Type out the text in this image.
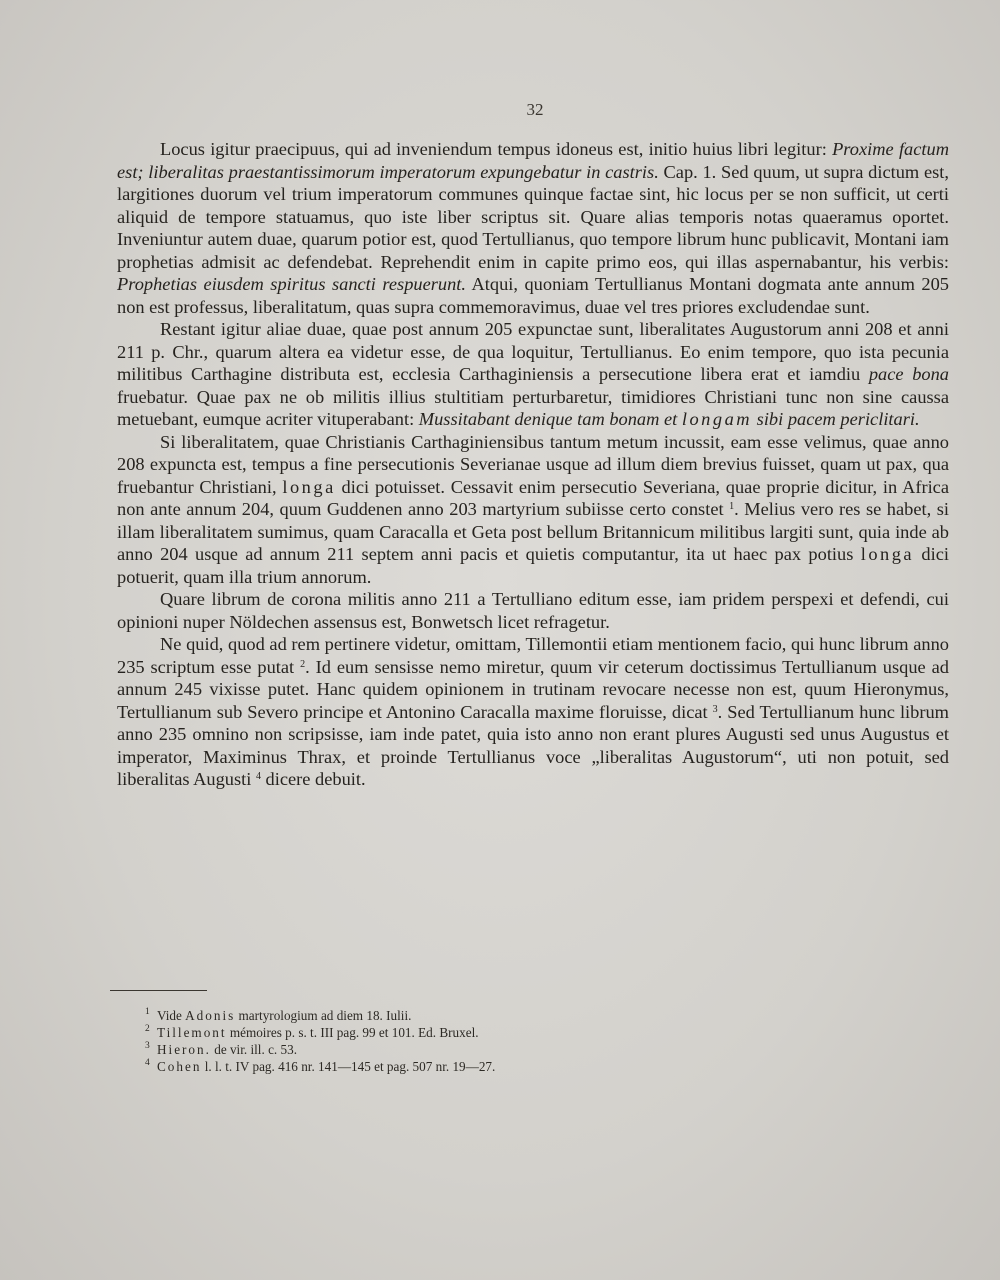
32

Locus igitur praecipuus, qui ad inveniendum tempus idoneus est, initio huius libri legitur: Proxime factum est; liberalitas praestantissimorum imperatorum expungebatur in castris. Cap. 1. Sed quum, ut supra dictum est, largitiones duorum vel trium imperatorum communes quinque factae sint, hic locus per se non sufficit, ut certi aliquid de tempore statuamus, quo iste liber scriptus sit. Quare alias temporis notas quaeramus oportet. Inveniuntur autem duae, quarum potior est, quod Tertullianus, quo tempore librum hunc publicavit, Montani iam prophetias admisit ac defendebat. Reprehendit enim in capite primo eos, qui illas aspernabantur, his verbis: Prophetias eiusdem spiritus sancti respuerunt. Atqui, quoniam Tertullianus Montani dogmata ante annum 205 non est professus, liberalitatum, quas supra commemoravimus, duae vel tres priores excludendae sunt.

Restant igitur aliae duae, quae post annum 205 expunctae sunt, liberalitates Augustorum anni 208 et anni 211 p. Chr., quarum altera ea videtur esse, de qua loquitur, Tertullianus. Eo enim tempore, quo ista pecunia militibus Carthagine distributa est, ecclesia Carthaginiensis a persecutione libera erat et iamdiu pace bona fruebatur. Quae pax ne ob militis illius stultitiam perturbaretur, timidiores Christiani tunc non sine caussa metuebant, eumque acriter vituperabant: Mussitabant denique tam bonam et longam sibi pacem periclitari.

Si liberalitatem, quae Christianis Carthaginiensibus tantum metum incussit, eam esse velimus, quae anno 208 expuncta est, tempus a fine persecutionis Severianae usque ad illum diem brevius fuisset, quam ut pax, qua fruebantur Christiani, longa dici potuisset. Cessavit enim persecutio Severiana, quae proprie dicitur, in Africa non ante annum 204, quum Guddenen anno 203 martyrium subiisse certo constet $^1$. Melius vero res se habet, si illam liberalitatem sumimus, quam Caracalla et Geta post bellum Britannicum militibus largiti sunt, quia inde ab anno 204 usque ad annum 211 septem anni pacis et quietis computantur, ita ut haec pax potius longa dici potuerit, quam illa trium annorum.

Quare librum de corona militis anno 211 a Tertulliano editum esse, iam pridem perspexi et defendi, cui opinioni nuper Nöldechen assensus est, Bonwetsch licet refragetur.

Ne quid, quod ad rem pertinere videtur, omittam, Tillemontii etiam mentionem facio, qui hunc librum anno 235 scriptum esse putat $^2$. Id eum sensisse nemo miretur, quum vir ceterum doctissimus Tertullianum usque ad annum 245 vixisse putet. Hanc quidem opinionem in trutinam revocare necesse non est, quum Hieronymus, Tertullianum sub Severo principe et Antonino Caracalla maxime floruisse, dicat $^3$. Sed Tertullianum hunc librum anno 235 omnino non scripsisse, iam inde patet, quia isto anno non erant plures Augusti sed unus Augustus et imperator, Maximinus Thrax, et proinde Tertullianus voce „liberalitas Augustorum“, uti non potuit, sed liberalitas Augusti $^4$ dicere debuit.

1 Vide Adonis martyrologium ad diem 18. Iulii.
2 Tillemont mémoires p. s. t. III pag. 99 et 101. Ed. Bruxel.
3 Hieron. de vir. ill. c. 53.
4 Cohen l. l. t. IV pag. 416 nr. 141—145 et pag. 507 nr. 19—27.
